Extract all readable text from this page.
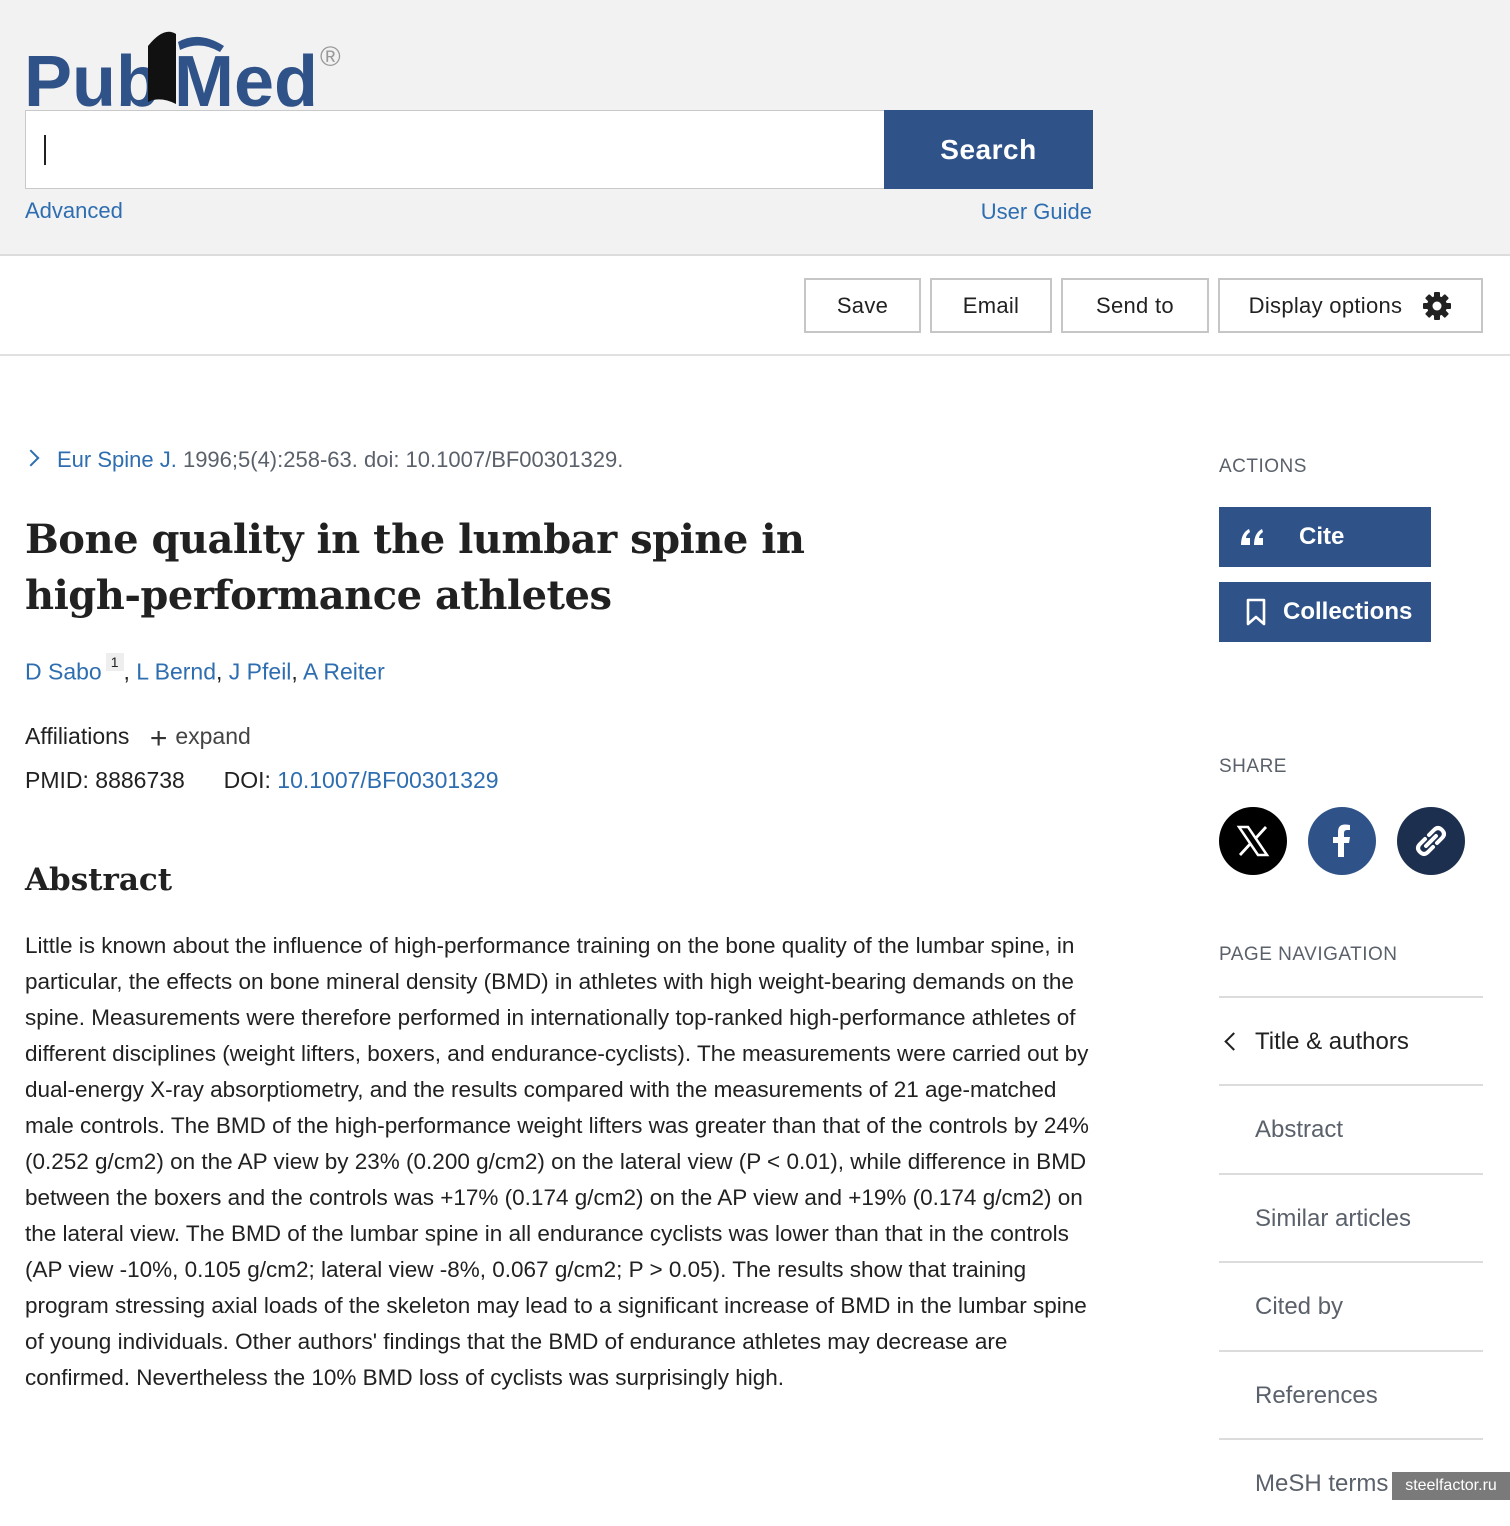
Pub Med ®
Search
Advanced	User Guide
Save	Email	Send to	Display options
Eur Spine J. 1996;5(4):258-63. doi: 10.1007/BF00301329.
Bone quality in the lumbar spine in high-performance athletes
D Sabo $^1$ , L Bernd, J Pfeil, A Reiter
Affiliations + expand
PMID: 8886738 DOI: 10.1007/BF00301329
Abstract

Little is known about the influence of high-performance training on the bone quality of the lumbar spine, in particular, the effects on bone mineral density (BMD) in athletes with high weight-bearing demands on the spine. Measurements were therefore performed in internationally top-ranked high-performance athletes of different disciplines (weight lifters, boxers, and endurance-cyclists). The measurements were carried out by dual-energy X-ray absorptiometry, and the results compared with the measurements of 21 age-matched male controls. The BMD of the high-performance weight lifters was greater than that of the controls by 24% (0.252 g/cm2) on the AP view by 23% (0.200 g/cm2) on the lateral view (P < 0.01), while difference in BMD between the boxers and the controls was +17% (0.174 g/cm2) on the AP view and +19% (0.174 g/cm2) on the lateral view. The BMD of the lumbar spine in all endurance cyclists was lower than that in the controls (AP view -10%, 0.105 g/cm2; lateral view -8%, 0.067 g/cm2; P > 0.05). The results show that training program stressing axial loads of the skeleton may lead to a significant increase of BMD in the lumbar spine of young individuals. Other authors' findings that the BMD of endurance athletes may decrease are confirmed. Nevertheless the 10% BMD loss of cyclists was surprisingly high.

ACTIONS
Cite
Collections
SHARE
PAGE NAVIGATION
Title & authors
Abstract
Similar articles
Cited by
References
MeSH terms
steelfactor.ru
